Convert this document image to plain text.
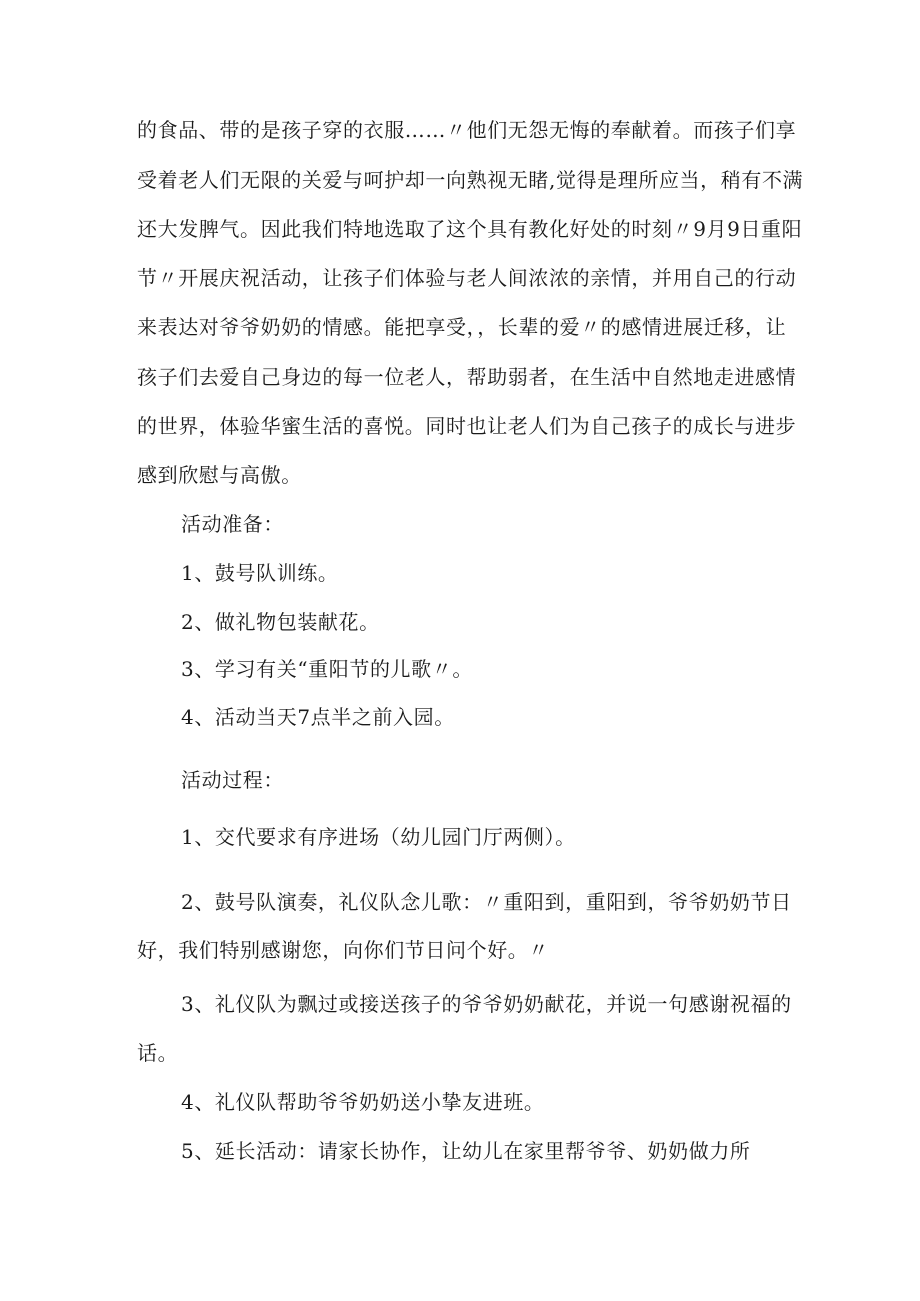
的食品、带的是孩子穿的衣服……〃他们无怨无悔的奉献着。而孩子们享

受着老人们无限的关爱与呵护却一向熟视无睹,觉得是理所应当，稍有不满

还大发脾气。因此我们特地选取了这个具有教化好处的时刻〃9月9日重阳

节〃开展庆祝活动，让孩子们体验与老人间浓浓的亲情，并用自己的行动

来表达对爷爷奶奶的情感。能把享受，，长辈的爱〃的感情进展迁移，让

孩子们去爱自己身边的每一位老人，帮助弱者，在生活中自然地走进感情

的世界，体验华蜜生活的喜悦。同时也让老人们为自己孩子的成长与进步

感到欣慰与高傲。

活动准备：

1、鼓号队训练。

2、做礼物包装献花。

3、学习有关“重阳节的儿歌〃。

4、活动当天7点半之前入园。

活动过程：

1、交代要求有序进场（幼儿园门厅两侧）。

2、鼓号队演奏，礼仪队念儿歌：〃重阳到，重阳到，爷爷奶奶节日

好，我们特别感谢您，向你们节日问个好。〃

3、礼仪队为飘过或接送孩子的爷爷奶奶献花，并说一句感谢祝福的

话。

4、礼仪队帮助爷爷奶奶送小挚友进班。

5、延长活动：请家长协作，让幼儿在家里帮爷爷、奶奶做力所
